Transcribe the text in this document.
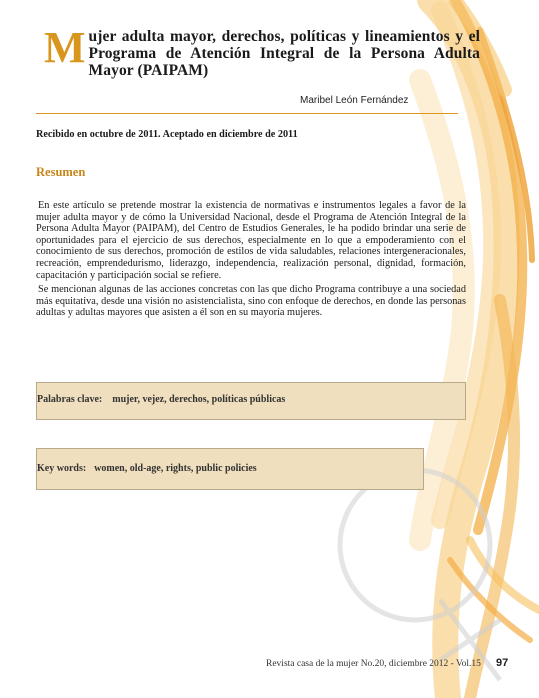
M ujer adulta mayor, derechos, políticas y lineamientos y el Programa de Atención Integral de la Persona Adulta Mayor (PAIPAM)

Maribel León Fernández
Recibido en octubre de 2011. Aceptado en diciembre de 2011
Resumen

En este artículo se pretende mostrar la existencia de normativas e instrumentos legales a favor de la mujer adulta mayor y de cómo la Universidad Nacional, desde el Programa de Atención Integral de la Persona Adulta Mayor (PAIPAM), del Centro de Estudios Generales, le ha podido brindar una serie de oportunidades para el ejercicio de sus derechos, especialmente en lo que a empoderamiento con el conocimiento de sus derechos, promoción de estilos de vida saludables, relaciones intergeneracionales, recreación, emprendedurismo, liderazgo, independencia, realización personal, dignidad, formación, capacitación y participación social se refiere.

Se mencionan algunas de las acciones concretas con las que dicho Programa contribuye a una sociedad más equitativa, desde una visión no asistencialista, sino con enfoque de derechos, en donde las personas adultas y adultas mayores que asisten a él son en su mayoría mujeres.

Palabras clave: mujer, vejez, derechos, políticas públicas
Key words: women, old-age, rights, public policies
Revista casa de la mujer No.20, diciembre 2012 - Vol.15 97
